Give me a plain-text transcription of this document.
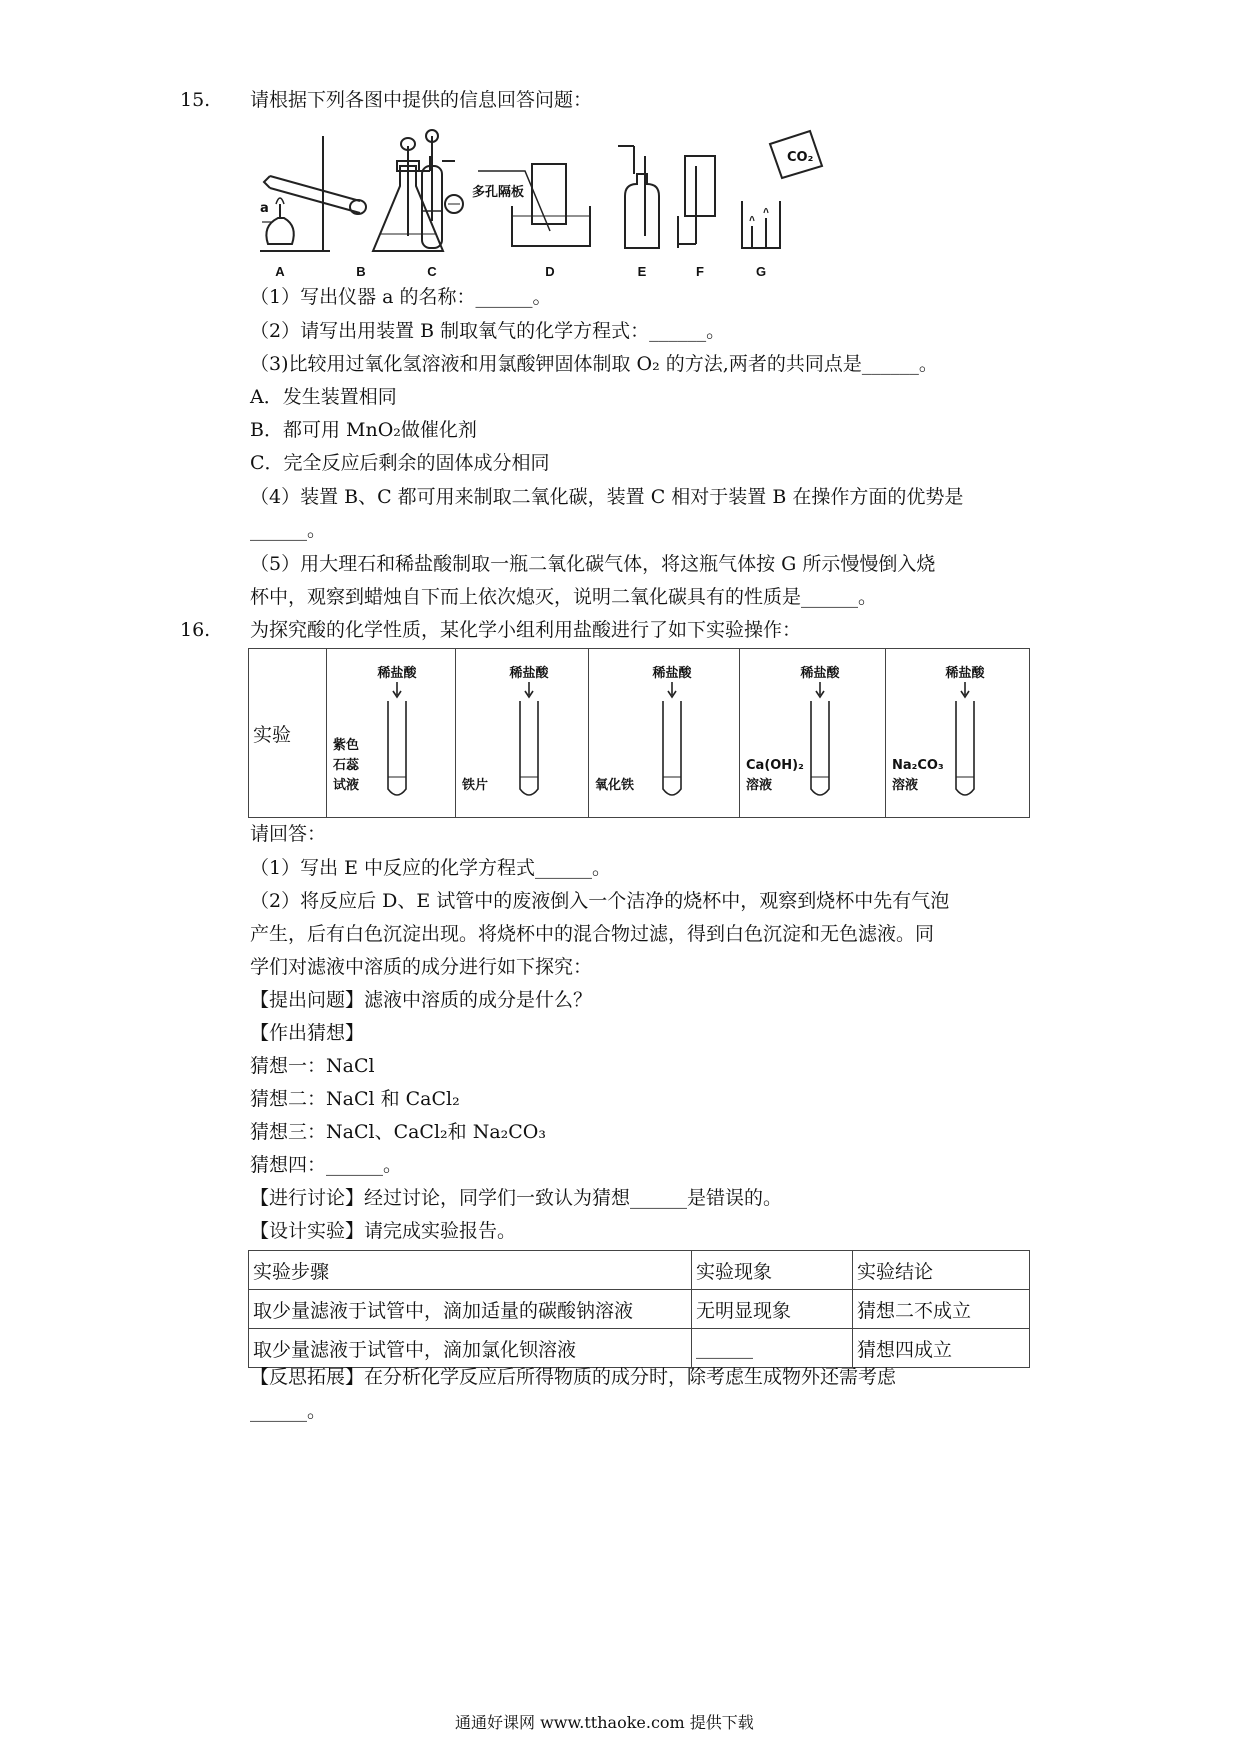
15. 请根据下列各图中提供的信息回答问题：
a
多孔隔板
CO₂
A	B	C	D	E	F	G
（1）写出仪器 a 的名称：______。
（2）请写出用装置 B 制取氧气的化学方程式：______。
（3)比较用过氧化氢溶液和用氯酸钾固体制取 O₂ 的方法,两者的共同点是______。
A．发生装置相同
B．都可用 MnO₂做催化剂
C．完全反应后剩余的固体成分相同
（4）装置 B、C 都可用来制取二氧化碳，装置 C 相对于装置 B 在操作方面的优势是
______。
（5）用大理石和稀盐酸制取一瓶二氧化碳气体，将这瓶气体按 G 所示慢慢倒入烧
杯中，观察到蜡烛自下而上依次熄灭，说明二氧化碳具有的性质是______。
16. 为探究酸的化学性质，某化学小组利用盐酸进行了如下实验操作：
实验

稀盐酸
紫色
石蕊
试液

稀盐酸
铁片

稀盐酸
氧化铁

稀盐酸
Ca(OH)₂
溶液

稀盐酸
Na₂CO₃
溶液
请回答：
（1）写出 E 中反应的化学方程式______。
（2）将反应后 D、E 试管中的废液倒入一个洁净的烧杯中，观察到烧杯中先有气泡
产生，后有白色沉淀出现。将烧杯中的混合物过滤，得到白色沉淀和无色滤液。同
学们对滤液中溶质的成分进行如下探究：
【提出问题】滤液中溶质的成分是什么？
【作出猜想】
猜想一：NaCl
猜想二：NaCl 和 CaCl₂
猜想三：NaCl、CaCl₂和 Na₂CO₃
猜想四：______。
【进行讨论】经过讨论，同学们一致认为猜想______是错误的。
【设计实验】请完成实验报告。
实验步骤	实验现象	实验结论
取少量滤液于试管中，滴加适量的碳酸钠溶液	无明显现象	猜想二不成立
取少量滤液于试管中，滴加氯化钡溶液	______	猜想四成立
【反思拓展】在分析化学反应后所得物质的成分时，除考虑生成物外还需考虑
______。
通通好课网 www.tthaoke.com 提供下载
